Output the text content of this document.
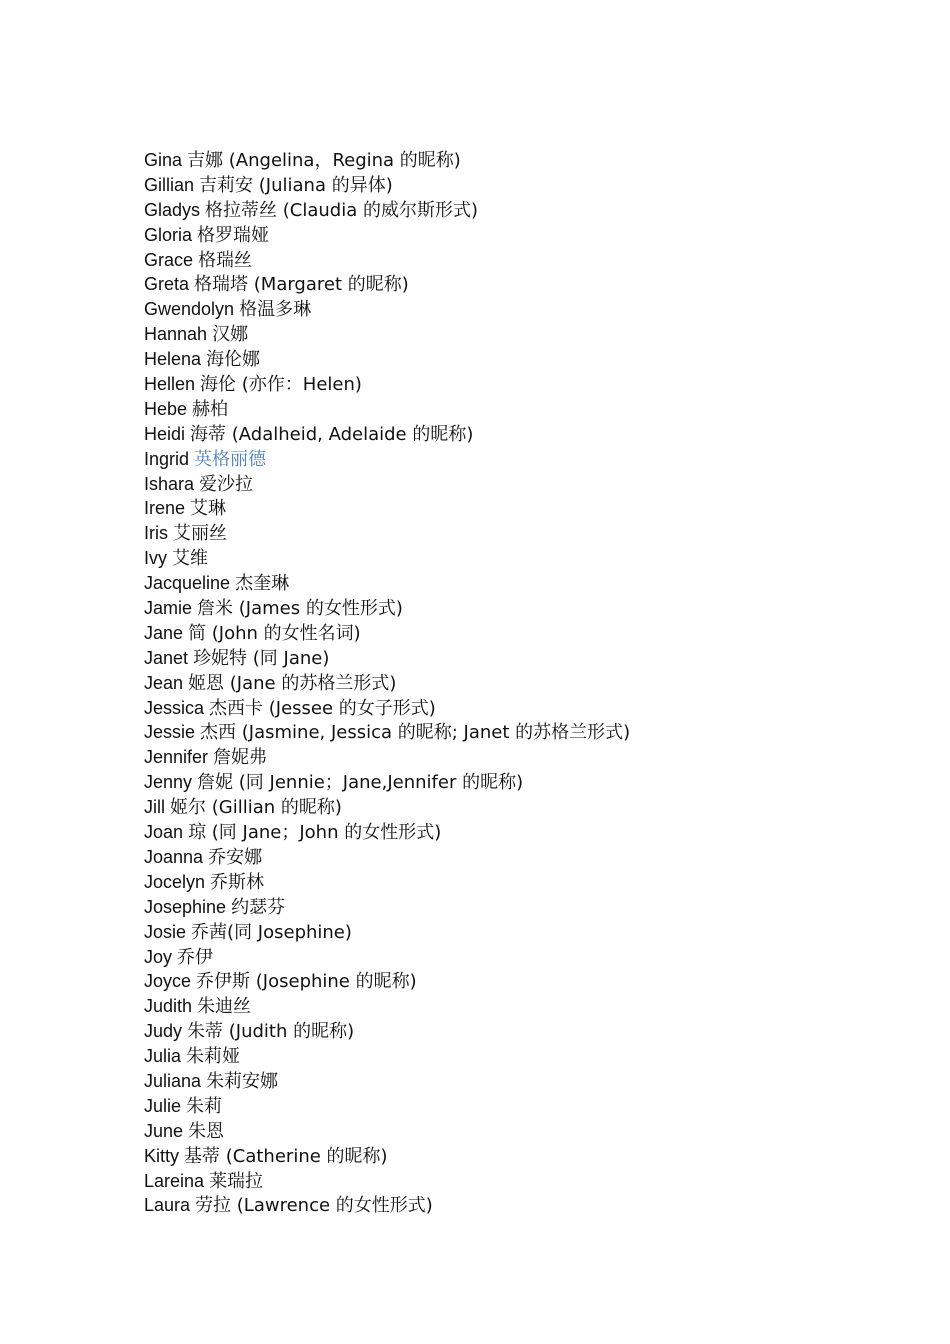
Gina 吉娜 (Angelina，Regina 的昵称)
Gillian 吉莉安 (Juliana 的异体)
Gladys 格拉蒂丝 (Claudia 的威尔斯形式)
Gloria 格罗瑞娅
Grace 格瑞丝
Greta 格瑞塔 (Margaret 的昵称)
Gwendolyn 格温多琳
Hannah 汉娜
Helena 海伦娜
Hellen 海伦 (亦作：Helen)
Hebe 赫柏
Heidi 海蒂 (Adalheid, Adelaide 的昵称)
Ingrid 英格丽德
Ishara 爱沙拉
Irene 艾琳
Iris 艾丽丝
Ivy 艾维
Jacqueline 杰奎琳
Jamie 詹米 (James 的女性形式)
Jane 简 (John 的女性名词)
Janet 珍妮特 (同 Jane)
Jean 姬恩 (Jane 的苏格兰形式)
Jessica 杰西卡 (Jessee 的女子形式)
Jessie 杰西 (Jasmine, Jessica 的昵称; Janet 的苏格兰形式)
Jennifer 詹妮弗
Jenny 詹妮 (同 Jennie；Jane,Jennifer 的昵称)
Jill 姬尔 (Gillian 的昵称)
Joan 琼 (同 Jane；John 的女性形式)
Joanna 乔安娜
Jocelyn 乔斯林
Josephine 约瑟芬
Josie 乔茜(同 Josephine)
Joy 乔伊
Joyce 乔伊斯 (Josephine 的昵称)
Judith 朱迪丝
Judy 朱蒂 (Judith 的昵称)
Julia 朱莉娅
Juliana 朱莉安娜
Julie 朱莉
June 朱恩
Kitty 基蒂 (Catherine 的昵称)
Lareina 莱瑞拉
Laura 劳拉 (Lawrence 的女性形式)
